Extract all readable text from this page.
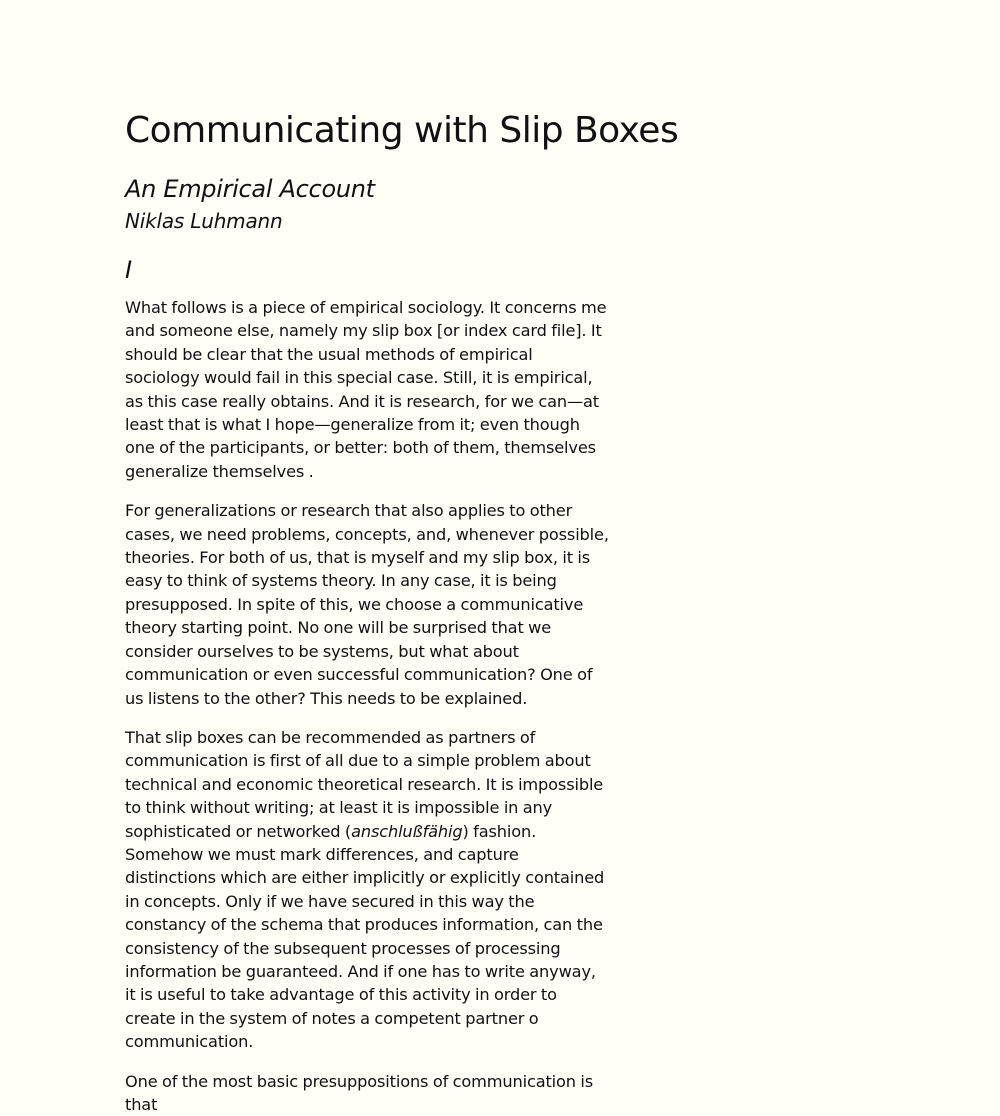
Communicating with Slip Boxes
An Empirical Account

Niklas Luhmann

I

What follows is a piece of empirical sociology. It concerns me and someone else, namely my slip box [or index card file]. It should be clear that the usual methods of empirical sociology would fail in this special case. Still, it is empirical, as this case really obtains. And it is research, for we can—at least that is what I hope—generalize from it; even though one of the participants, or better: both of them, themselves generalize themselves .

For generalizations or research that also applies to other cases, we need problems, concepts, and, whenever possible, theories. For both of us, that is myself and my slip box, it is easy to think of systems theory. In any case, it is being presupposed. In spite of this, we choose a communicative theory starting point. No one will be surprised that we consider ourselves to be systems, but what about communication or even successful communication? One of us listens to the other? This needs to be explained.

That slip boxes can be recommended as partners of communication is first of all due to a simple problem about technical and economic theoretical research. It is impossible to think without writing; at least it is impossible in any sophisticated or networked (anschlußfähig) fashion. Somehow we must mark differences, and capture distinctions which are either implicitly or explicitly contained in concepts. Only if we have secured in this way the constancy of the schema that produces information, can the consistency of the subsequent processes of processing information be guaranteed. And if one has to write anyway, it is useful to take advantage of this activity in order to create in the system of notes a competent partner o communication.

One of the most basic presuppositions of communication is that
